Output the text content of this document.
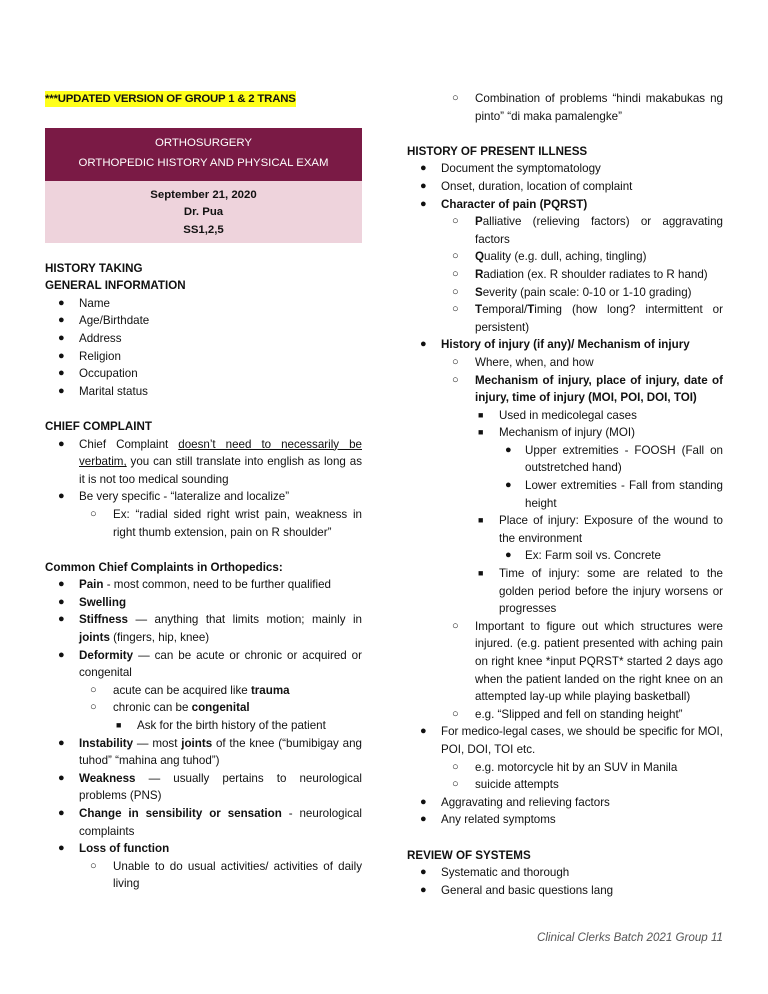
***UPDATED VERSION OF GROUP 1 & 2 TRANS
ORTHOSURGERY
ORTHOPEDIC HISTORY AND PHYSICAL EXAM
September 21, 2020
Dr. Pua
SS1,2,5
HISTORY TAKING
GENERAL INFORMATION
● Name
● Age/Birthdate
● Address
● Religion
● Occupation
● Marital status
CHIEF COMPLAINT
● Chief Complaint doesn’t need to necessarily be verbatim, you can still translate into english as long as it is not too medical sounding
● Be very specific - “lateralize and localize”
○ Ex: “radial sided right wrist pain, weakness in right thumb extension, pain on R shoulder”
Common Chief Complaints in Orthopedics:
● Pain - most common, need to be further qualified
● Swelling
● Stiffness — anything that limits motion; mainly in joints (fingers, hip, knee)
● Deformity — can be acute or chronic or acquired or congenital
○ acute can be acquired like trauma
○ chronic can be congenital
■ Ask for the birth history of the patient
● Instability — most joints of the knee (“bumibigay ang tuhod” “mahina ang tuhod”)
● Weakness — usually pertains to neurological problems (PNS)
● Change in sensibility or sensation - neurological complaints
● Loss of function
○ Unable to do usual activities/ activities of daily living
○ Combination of problems “hindi makabukas ng pinto” “di maka pamalengke”
HISTORY OF PRESENT ILLNESS
● Document the symptomatology
● Onset, duration, location of complaint
● Character of pain (PQRST)
○ Palliative (relieving factors) or aggravating factors
○ Quality (e.g. dull, aching, tingling)
○ Radiation (ex. R shoulder radiates to R hand)
○ Severity (pain scale: 0-10 or 1-10 grading)
○ Temporal/Timing (how long? intermittent or persistent)
● History of injury (if any)/ Mechanism of injury
○ Where, when, and how
○ Mechanism of injury, place of injury, date of injury, time of injury (MOI, POI, DOI, TOI)
■ Used in medicolegal cases
■ Mechanism of injury (MOI)
● Upper extremities - FOOSH (Fall on outstretched hand)
● Lower extremities - Fall from standing height
■ Place of injury: Exposure of the wound to the environment
● Ex: Farm soil vs. Concrete
■ Time of injury: some are related to the golden period before the injury worsens or progresses
○ Important to figure out which structures were injured. (e.g. patient presented with aching pain on right knee *input PQRST* started 2 days ago when the patient landed on the right knee on an attempted lay-up while playing basketball)
○ e.g. “Slipped and fell on standing height”
● For medico-legal cases, we should be specific for MOI, POI, DOI, TOI etc.
○ e.g. motorcycle hit by an SUV in Manila
○ suicide attempts
● Aggravating and relieving factors
● Any related symptoms
REVIEW OF SYSTEMS
● Systematic and thorough
● General and basic questions lang
Clinical Clerks Batch 2021 Group 11
